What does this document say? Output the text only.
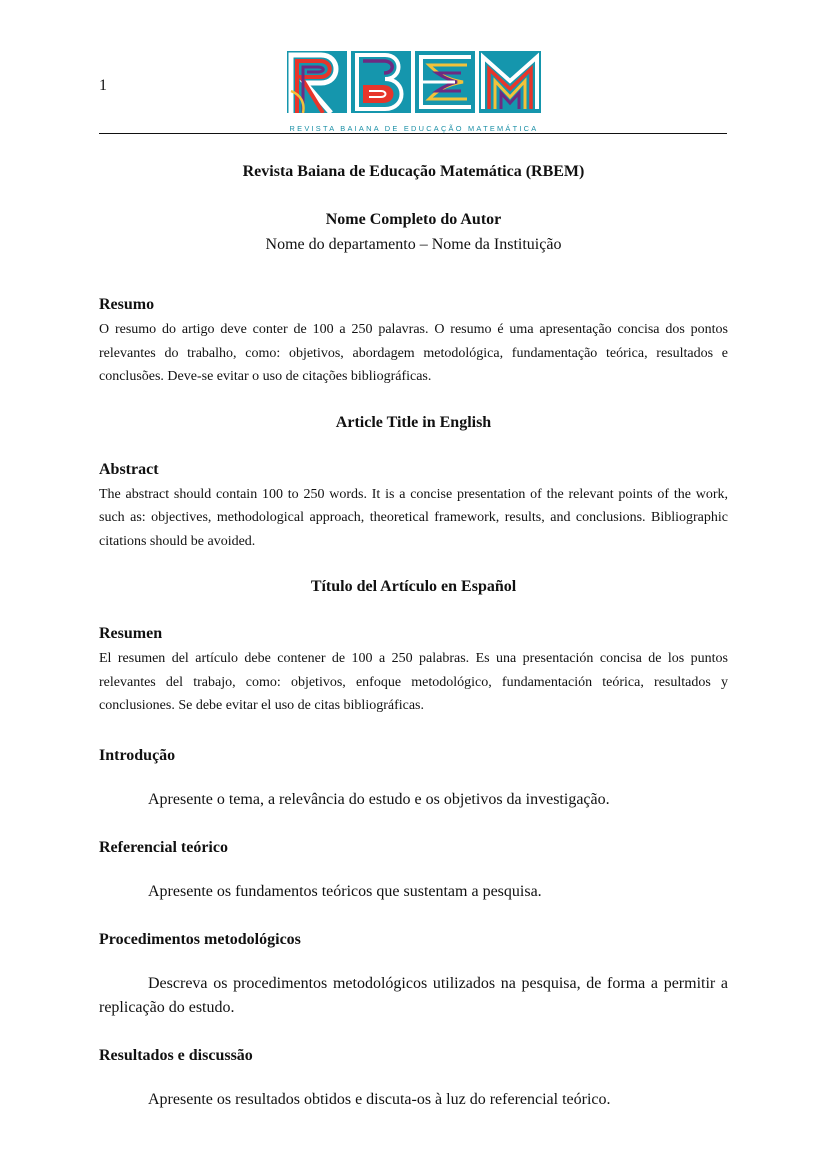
1
REVISTA BAIANA DE EDUCAÇÃO MATEMÁTICA

Revista Baiana de Educação Matemática (RBEM)

Nome Completo do Autor

Nome do departamento – Nome da Instituição

Resumo

O resumo do artigo deve conter de 100 a 250 palavras. O resumo é uma apresentação concisa dos pontos relevantes do trabalho, como: objetivos, abordagem metodológica, fundamentação teórica, resultados e conclusões. Deve-se evitar o uso de citações bibliográficas.

Article Title in English

Abstract

The abstract should contain 100 to 250 words. It is a concise presentation of the relevant points of the work, such as: objectives, methodological approach, theoretical framework, results, and conclusions. Bibliographic citations should be avoided.

Título del Artículo en Español

Resumen

El resumen del artículo debe contener de 100 a 250 palabras. Es una presentación concisa de los puntos relevantes del trabajo, como: objetivos, enfoque metodológico, fundamentación teórica, resultados y conclusiones. Se debe evitar el uso de citas bibliográficas.

Introdução

Apresente o tema, a relevância do estudo e os objetivos da investigação.

Referencial teórico

Apresente os fundamentos teóricos que sustentam a pesquisa.

Procedimentos metodológicos

Descreva os procedimentos metodológicos utilizados na pesquisa, de forma a permitir a replicação do estudo.

Resultados e discussão

Apresente os resultados obtidos e discuta-os à luz do referencial teórico.
